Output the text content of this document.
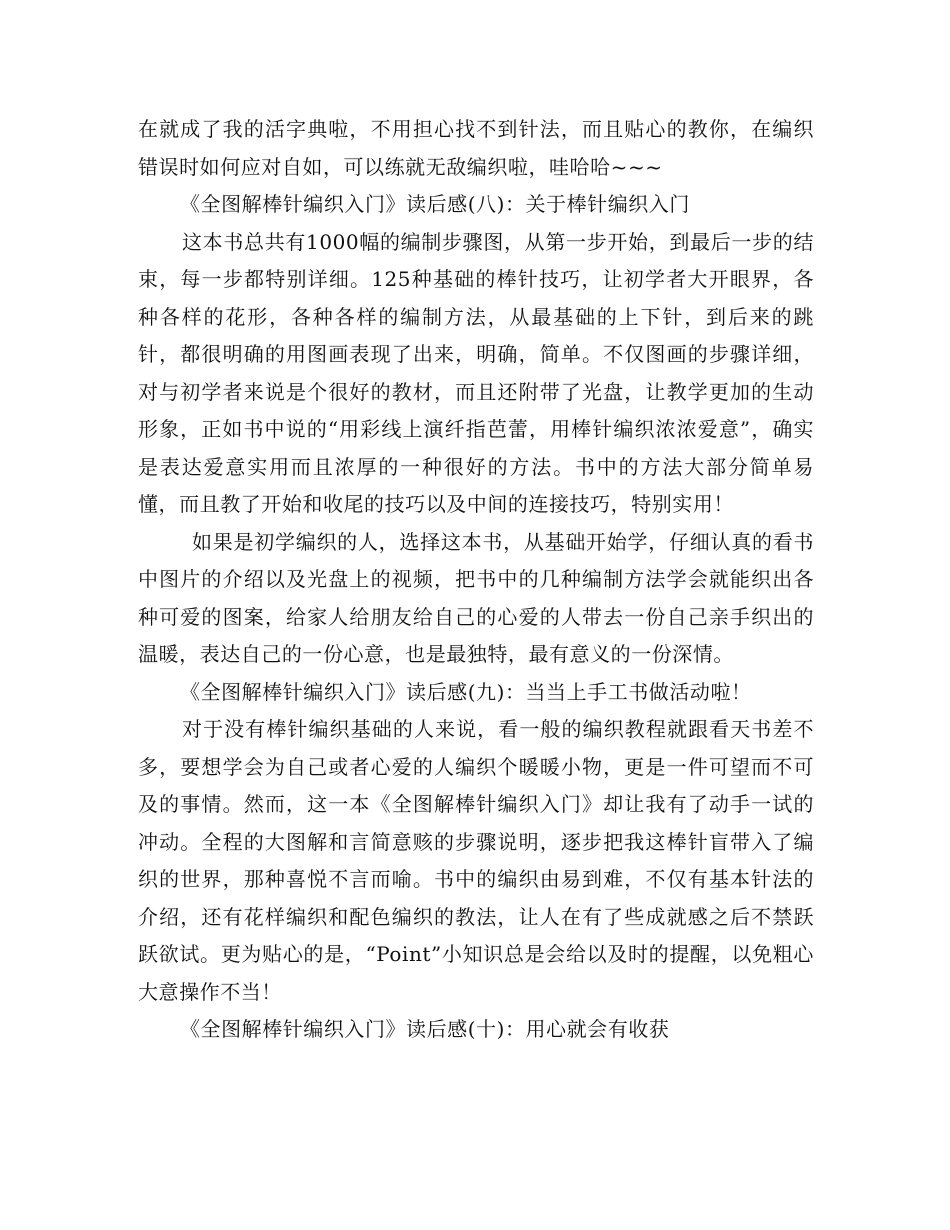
在就成了我的活字典啦，不用担心找不到针法，而且贴心的教你，在编织错误时如何应对自如，可以练就无敌编织啦，哇哈哈~~~

《全图解棒针编织入门》读后感(八)：关于棒针编织入门

这本书总共有1000幅的编制步骤图，从第一步开始，到最后一步的结束，每一步都特别详细。125种基础的棒针技巧，让初学者大开眼界，各种各样的花形，各种各样的编制方法，从最基础的上下针，到后来的跳针，都很明确的用图画表现了出来，明确，简单。不仅图画的步骤详细，对与初学者来说是个很好的教材，而且还附带了光盘，让教学更加的生动形象，正如书中说的“用彩线上演纤指芭蕾，用棒针编织浓浓爱意”，确实是表达爱意实用而且浓厚的一种很好的方法。书中的方法大部分简单易懂，而且教了开始和收尾的技巧以及中间的连接技巧，特别实用！

如果是初学编织的人，选择这本书，从基础开始学，仔细认真的看书中图片的介绍以及光盘上的视频，把书中的几种编制方法学会就能织出各种可爱的图案，给家人给朋友给自己的心爱的人带去一份自己亲手织出的温暖，表达自己的一份心意，也是最独特，最有意义的一份深情。

《全图解棒针编织入门》读后感(九)：当当上手工书做活动啦！

对于没有棒针编织基础的人来说，看一般的编织教程就跟看天书差不多，要想学会为自己或者心爱的人编织个暖暖小物，更是一件可望而不可及的事情。然而，这一本《全图解棒针编织入门》却让我有了动手一试的冲动。全程的大图解和言简意赅的步骤说明，逐步把我这棒针盲带入了编织的世界，那种喜悦不言而喻。书中的编织由易到难，不仅有基本针法的介绍，还有花样编织和配色编织的教法，让人在有了些成就感之后不禁跃跃欲试。更为贴心的是，“Point”小知识总是会给以及时的提醒，以免粗心大意操作不当！

《全图解棒针编织入门》读后感(十)：用心就会有收获
